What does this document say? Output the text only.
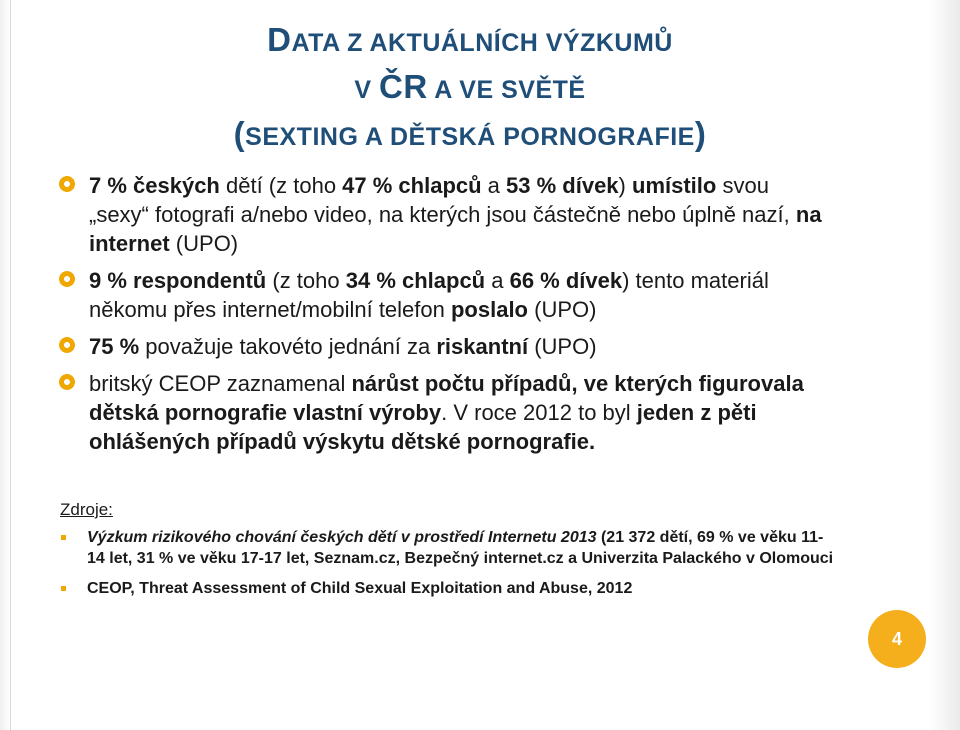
DATA Z AKTUÁLNÍCH VÝZKUMŮ
V ČR A VE SVĚTĚ
(SEXTING A DĚTSKÁ PORNOGRAFIE)
7 % českých dětí (z toho 47 % chlapců a 53 % dívek) umístilo svou „sexy“ fotografi a/nebo video, na kterých jsou částečně nebo úplně nazí, na internet (UPO)
9 % respondentů (z toho 34 % chlapců a 66 % dívek) tento materiál někomu přes internet/mobilní telefon poslalo (UPO)
75 % považuje takovéto jednání za riskantní (UPO)
britský CEOP zaznamenal nárůst počtu případů, ve kterých figurovala dětská pornografie vlastní výroby. V roce 2012 to byl jeden z pěti ohlášených případů výskytu dětské pornografie.
Zdroje:
Výzkum rizikového chování českých dětí v prostředí Internetu 2013 (21 372 dětí, 69 % ve věku 11-14 let, 31 % ve věku 17-17 let, Seznam.cz, Bezpečný internet.cz a Univerzita Palackého v Olomouci
CEOP, Threat Assessment of Child Sexual Exploitation and Abuse, 2012
4
